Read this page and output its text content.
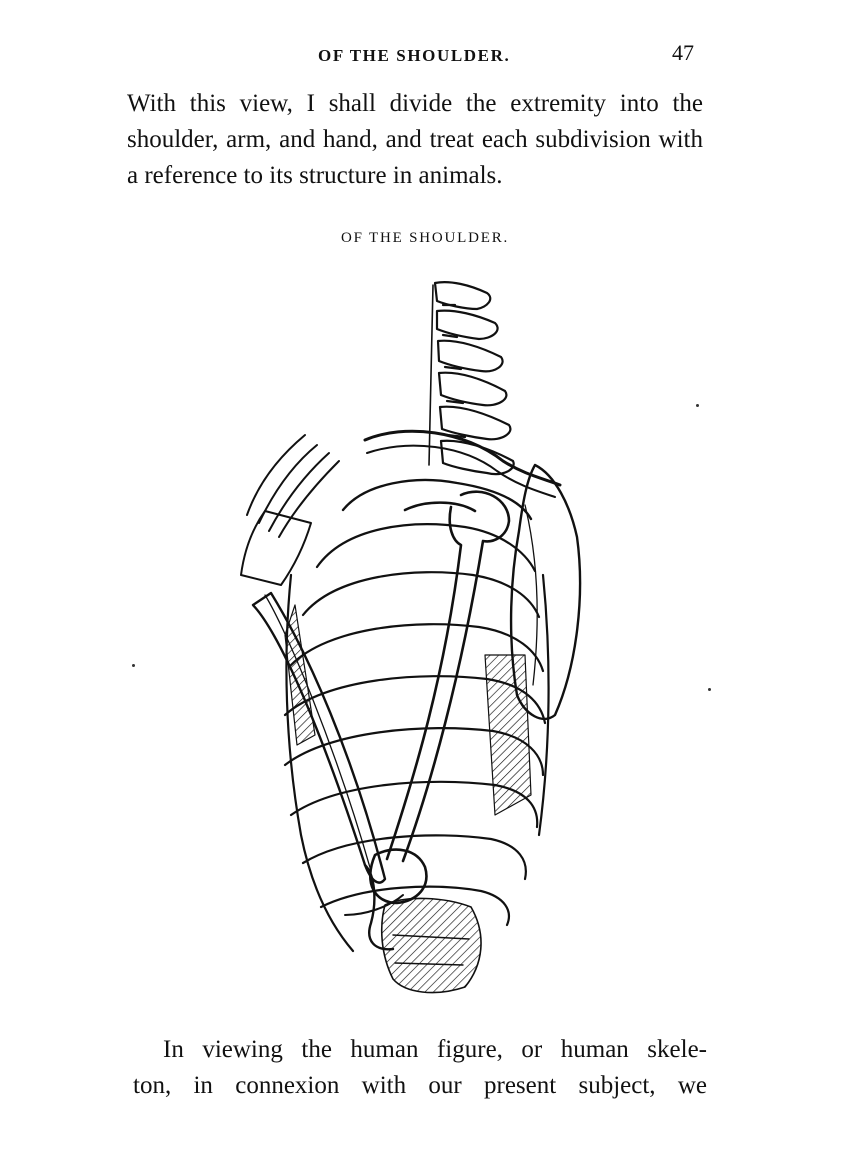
OF THE SHOULDER.	47

With this view, I shall divide the extremity into the shoulder, arm, and hand, and treat each subdivision with a reference to its structure in animals.

OF THE SHOULDER.

In viewing the human figure, or human skele-
ton, in connexion with our present subject, we
